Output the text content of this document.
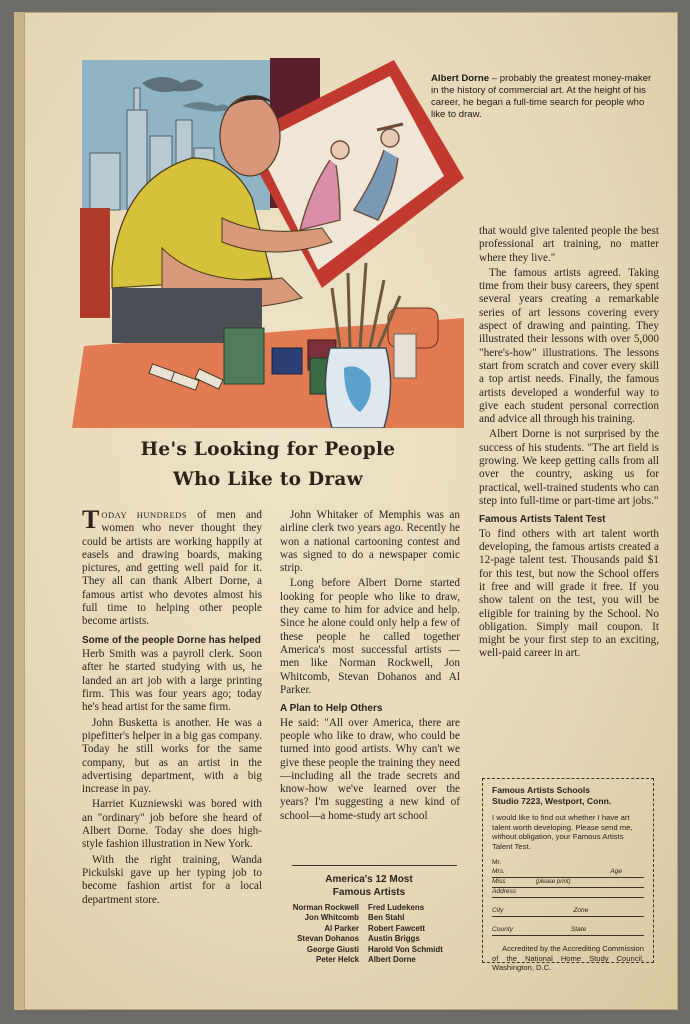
Albert Dorne – probably the greatest money-maker in the history of commercial art. At the height of his career, he began a full-time search for people who like to draw.
He's Looking for People
Who Like to Draw

TODAY HUNDREDS of men and women who never thought they could be artists are working happily at easels and drawing boards, making pictures, and getting well paid for it. They all can thank Albert Dorne, a famous artist who devotes almost his full time to helping other people become artists.

Some of the people Dorne has helped

Herb Smith was a payroll clerk. Soon after he started studying with us, he landed an art job with a large printing firm. This was four years ago; today he's head artist for the same firm.

John Busketta is another. He was a pipefitter's helper in a big gas company. Today he still works for the same company, but as an artist in the advertising department, with a big increase in pay.

Harriet Kuzniewski was bored with an "ordinary" job before she heard of Albert Dorne. Today she does high-style fashion illustration in New York.

With the right training, Wanda Pickulski gave up her typing job to become fashion artist for a local department store.

John Whitaker of Memphis was an airline clerk two years ago. Recently he won a national cartooning contest and was signed to do a newspaper comic strip.

Long before Albert Dorne started looking for people who like to draw, they came to him for advice and help. Since he alone could only help a few of these people he called together America's most successful artists —men like Norman Rockwell, Jon Whitcomb, Stevan Dohanos and Al Parker.

A Plan to Help Others

He said: "All over America, there are people who like to draw, who could be turned into good artists. Why can't we give these people the training they need—including all the trade secrets and know-how we've learned over the years? I'm suggesting a new kind of school—a home-study art school

that would give talented people the best professional art training, no matter where they live."

The famous artists agreed. Taking time from their busy careers, they spent several years creating a remarkable series of art lessons covering every aspect of drawing and painting. They illustrated their lessons with over 5,000 "here's-how" illustrations. The lessons start from scratch and cover every skill a top artist needs. Finally, the famous artists developed a wonderful way to give each student personal correction and advice all through his training.

Albert Dorne is not surprised by the success of his students. "The art field is growing. We keep getting calls from all over the country, asking us for practical, well-trained students who can step into full-time or part-time art jobs."

Famous Artists Talent Test

To find others with art talent worth developing, the famous artists created a 12-page talent test. Thousands paid $1 for this test, but now the School offers it free and will grade it free. If you show talent on the test, you will be eligible for training by the School. No obligation. Simply mail coupon. It might be your first step to an exciting, well-paid career in art.

America's 12 Most
Famous Artists
Norman Rockwell
Jon Whitcomb
Al Parker
Stevan Dohanos
George Giusti
Peter Helck
Fred Ludekens
Ben Stahl
Robert Fawcett
Austin Briggs
Harold Von Schmidt
Albert Dorne
Famous Artists Schools
Studio 7223, Westport, Conn.
I would like to find out whether I have art talent worth developing. Please send me, without obligation, your Famous Artists Talent Test.
Mr.
Mrs.	Age
Miss	(please print)
Address
City	Zone
County	State
Accredited by the Accrediting Commission of the National Home Study Council, Washington, D.C.
